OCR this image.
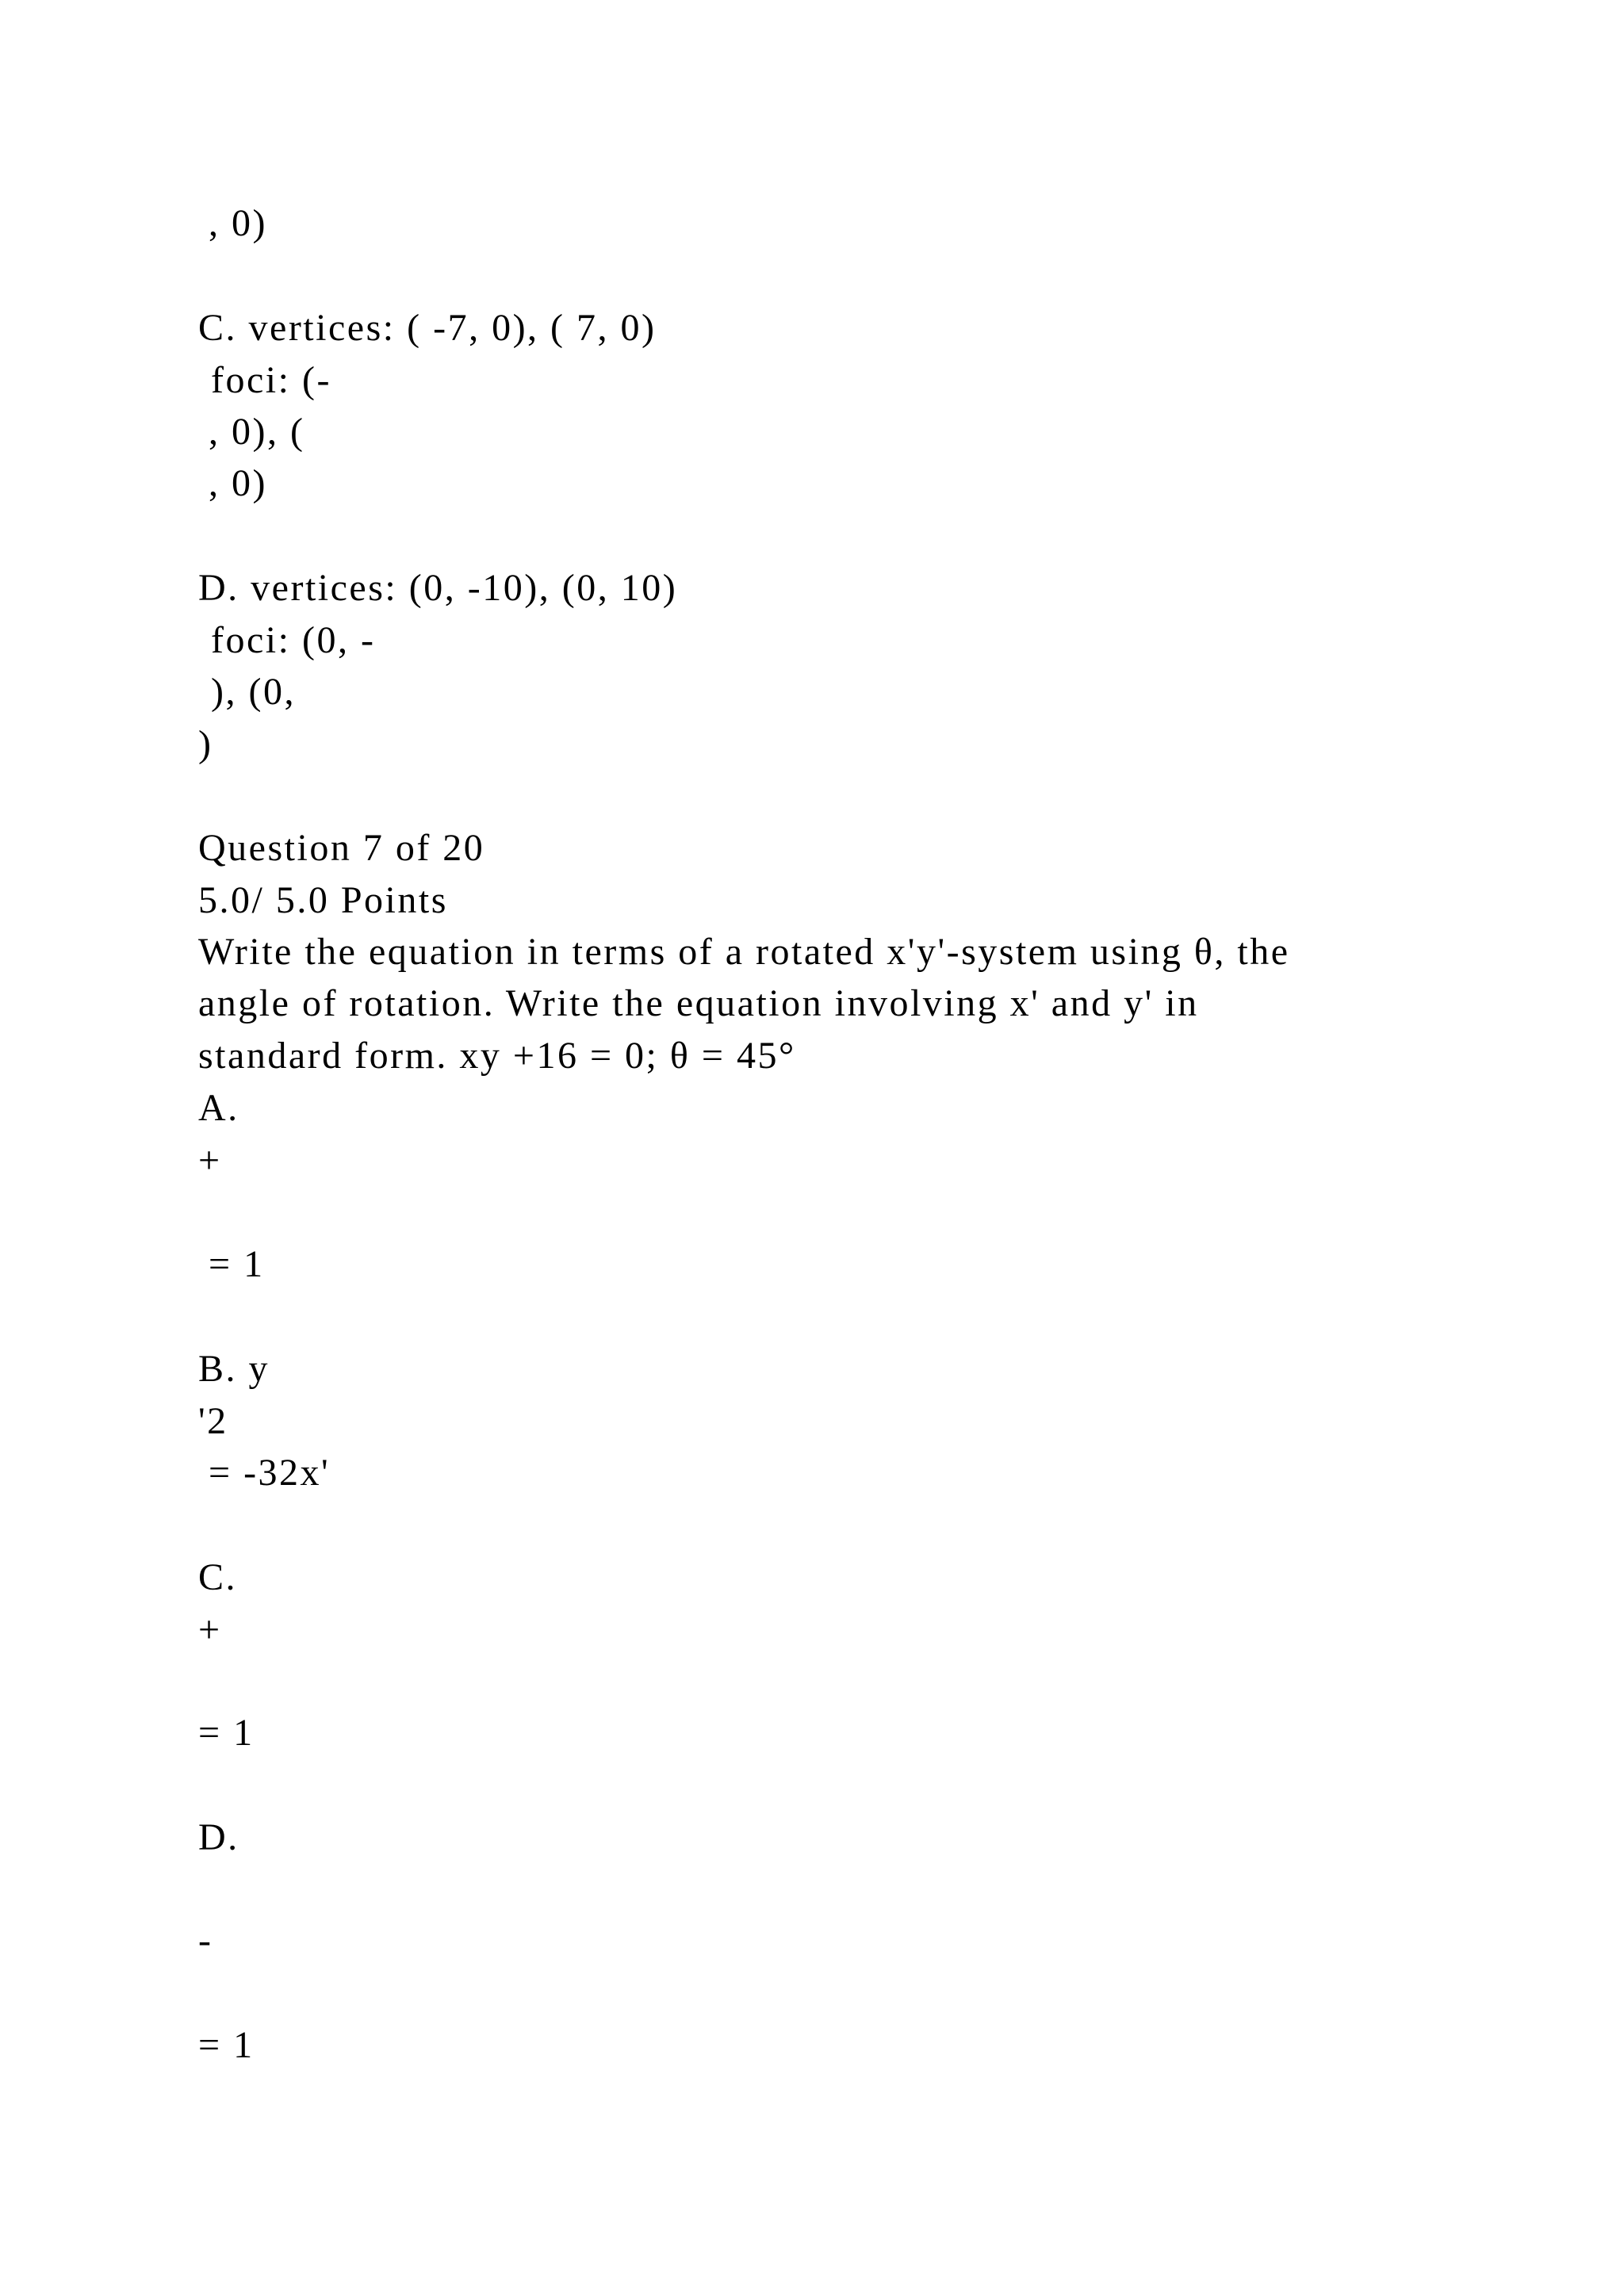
, 0)

C. vertices: ( -7, 0), ( 7, 0)

foci: (-

, 0), (

, 0)

D. vertices: (0, -10), (0, 10)

foci: (0, -

), (0,

)

Question 7 of 20

5.0/ 5.0 Points

Write the equation in terms of a rotated x'y'-system using θ, the

angle of rotation. Write the equation involving x' and y' in

standard form. xy +16 = 0; θ = 45°

A.

+

= 1

B. y

'2

= -32x'

C.

+

= 1

D.

-

= 1
